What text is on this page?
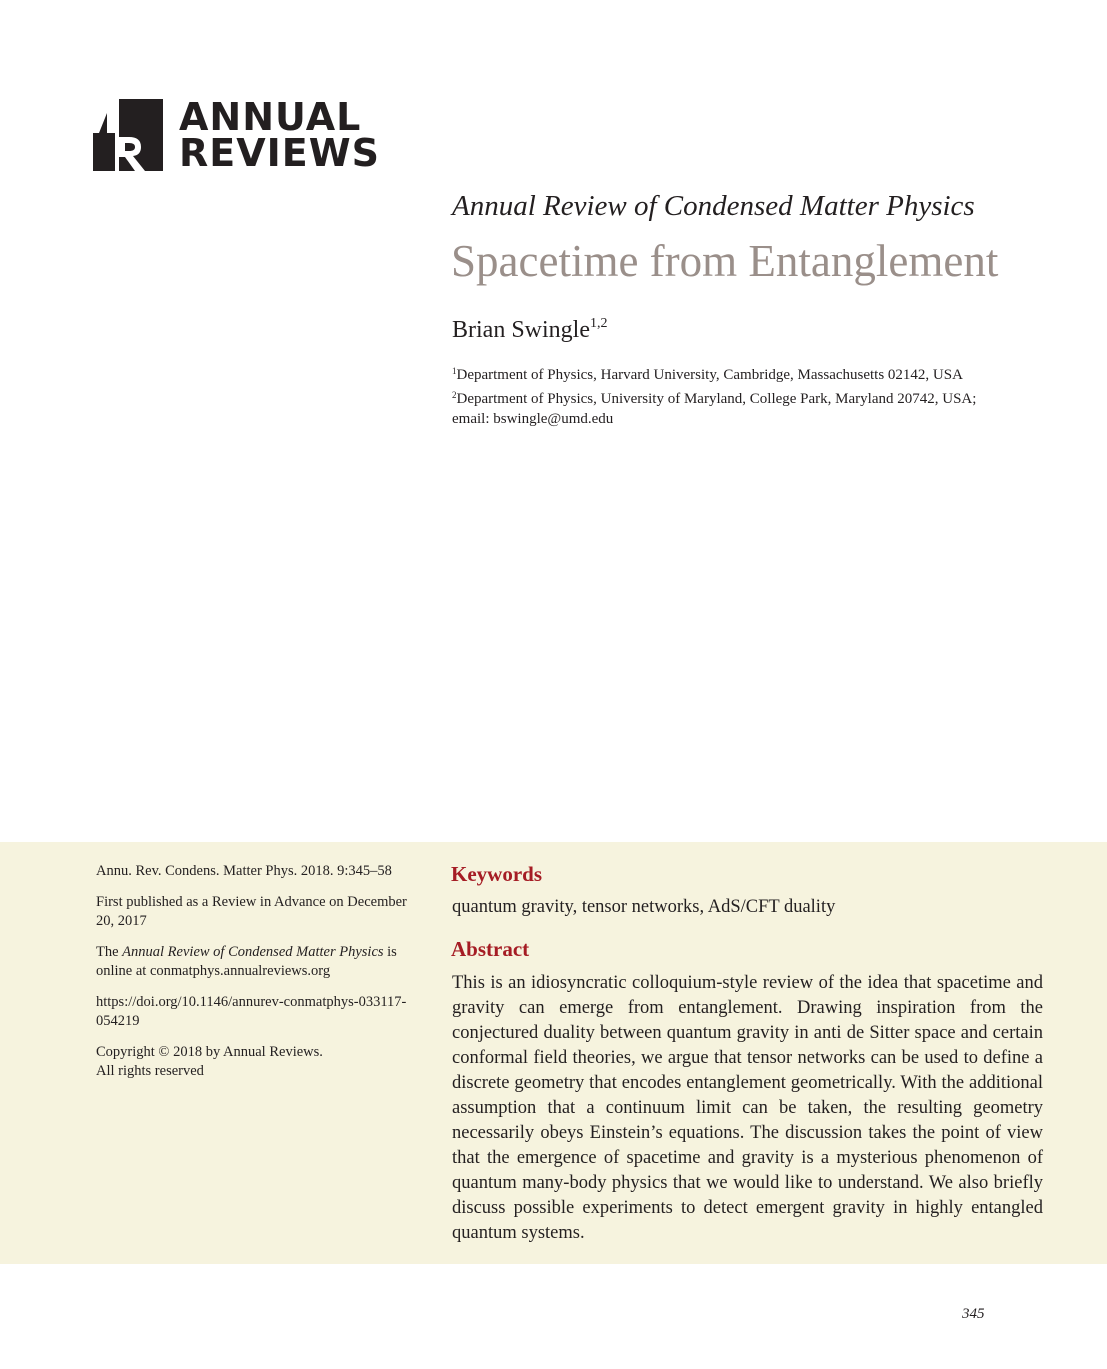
ANNUAL
REVIEWS
Annual Review of Condensed Matter Physics
Spacetime from Entanglement
Brian Swingle$^{1,2}$
$^1$Department of Physics, Harvard University, Cambridge, Massachusetts 02142, USA
$^2$Department of Physics, University of Maryland, College Park, Maryland 20742, USA; email: bswingle@umd.edu
Annu. Rev. Condens. Matter Phys. 2018. 9:345–58
First published as a Review in Advance on December 20, 2017
The Annual Review of Condensed Matter Physics is online at conmatphys.annualreviews.org
https://doi.org/10.1146/annurev-conmatphys-033117-054219
Copyright © 2018 by Annual Reviews.
All rights reserved
Keywords
quantum gravity, tensor networks, AdS/CFT duality
Abstract
This is an idiosyncratic colloquium-style review of the idea that spacetime and gravity can emerge from entanglement. Drawing inspiration from the conjectured duality between quantum gravity in anti de Sitter space and certain conformal field theories, we argue that tensor networks can be used to define a discrete geometry that encodes entanglement geometrically. With the additional assumption that a continuum limit can be taken, the resulting geometry necessarily obeys Einstein’s equations. The discussion takes the point of view that the emergence of spacetime and gravity is a mysterious phenomenon of quantum many-body physics that we would like to understand. We also briefly discuss possible experiments to detect emergent gravity in highly entangled quantum systems.
345
